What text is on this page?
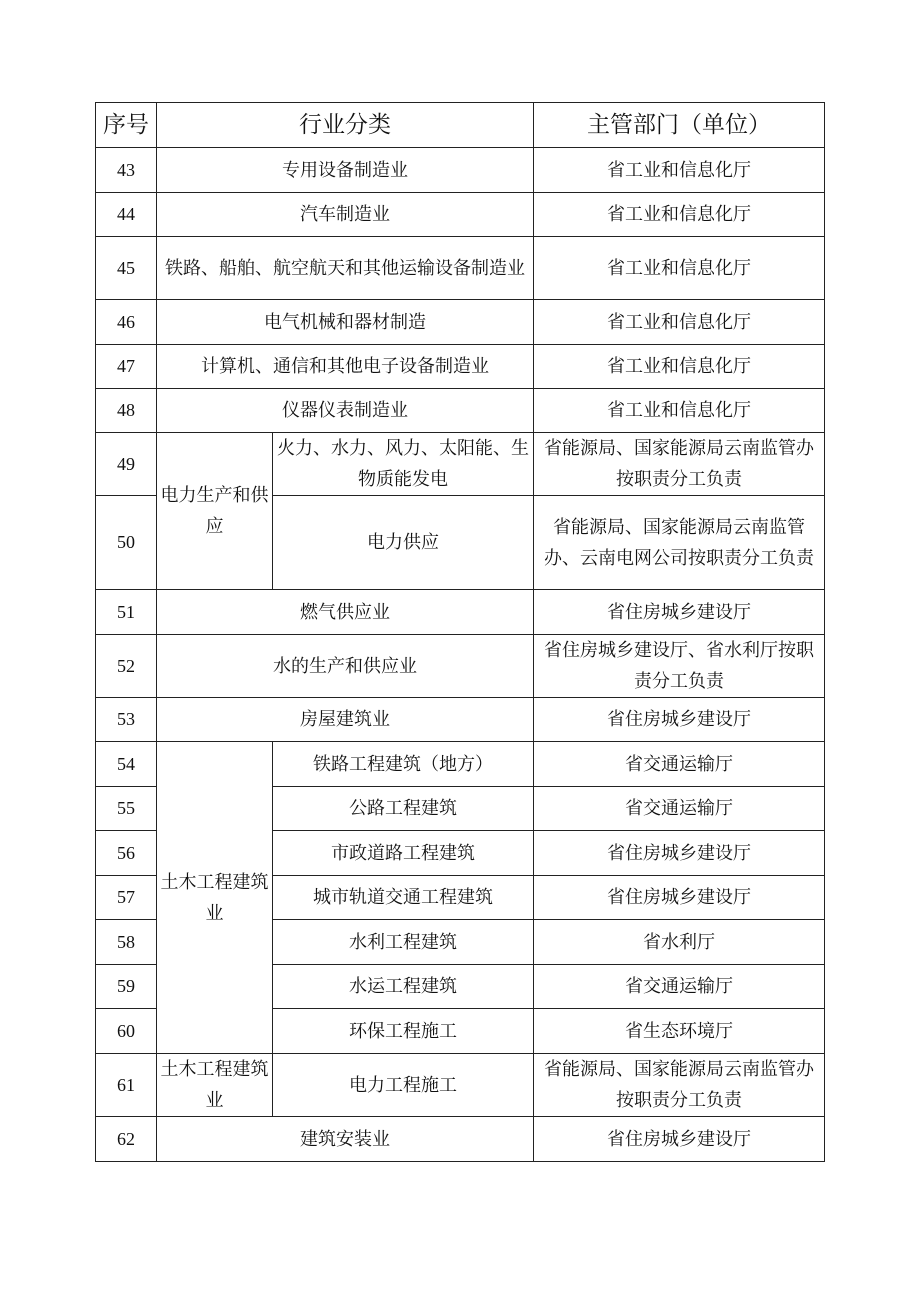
序号	行业分类		主管部门（单位）
43	专用设备制造业		省工业和信息化厅
44	汽车制造业		省工业和信息化厅
45	铁路、船舶、航空航天和其他运输设备制造业		省工业和信息化厅
46	电气机械和器材制造		省工业和信息化厅
47	计算机、通信和其他电子设备制造业		省工业和信息化厅
48	仪器仪表制造业		省工业和信息化厅
49	电力生产和供应	火力、水力、风力、太阳能、生物质能发电	省能源局、国家能源局云南监管办按职责分工负责
50		电力供应	省能源局、国家能源局云南监管办、云南电网公司按职责分工负责
51	燃气供应业		省住房城乡建设厅
52	水的生产和供应业		省住房城乡建设厅、省水利厅按职责分工负责
53	房屋建筑业		省住房城乡建设厅
54	土木工程建筑业	铁路工程建筑（地方）	省交通运输厅
55		公路工程建筑	省交通运输厅
56		市政道路工程建筑	省住房城乡建设厅
57		城市轨道交通工程建筑	省住房城乡建设厅
58		水利工程建筑	省水利厅
59		水运工程建筑	省交通运输厅
60		环保工程施工	省生态环境厅
61	土木工程建筑业	电力工程施工	省能源局、国家能源局云南监管办按职责分工负责
62	建筑安装业		省住房城乡建设厅
